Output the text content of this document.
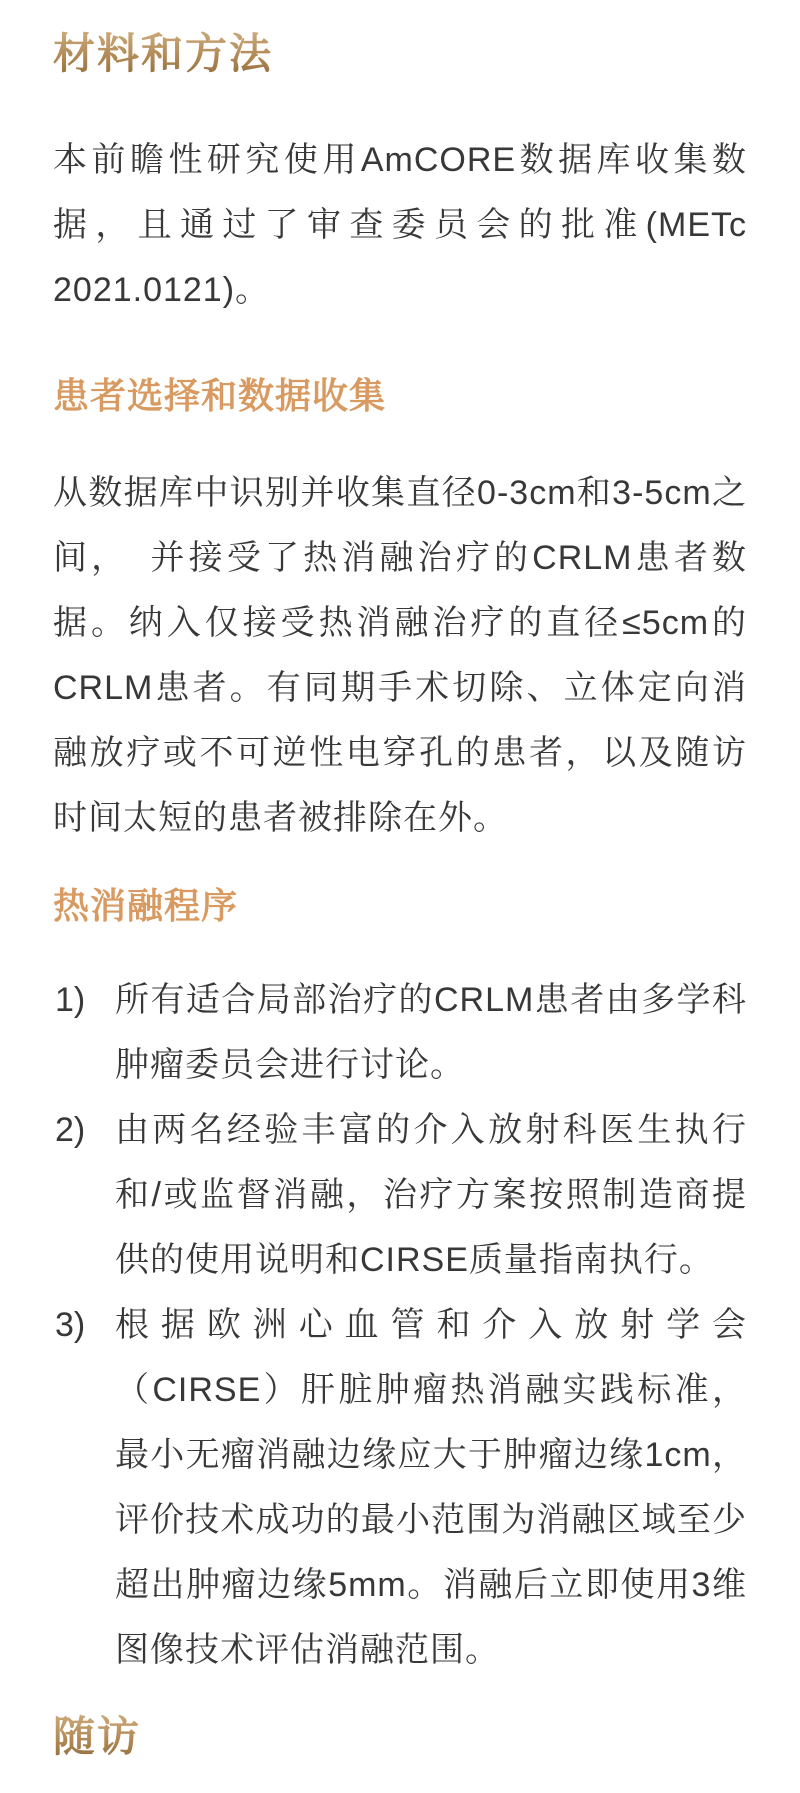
材料和方法

本前瞻性研究使用AmCORE数据库收集数据，且通过了审查委员会的批准(METc 2021.0121)。

患者选择和数据收集

从数据库中识别并收集直径0-3cm和3-5cm之间，　并接受了热消融治疗的CRLM患者数据。纳入仅接受热消融治疗的直径≤5cm的CRLM患者。有同期手术切除、立体定向消融放疗或不可逆性电穿孔的患者，以及随访时间太短的患者被排除在外。

热消融程序
1) 所有适合局部治疗的CRLM患者由多学科肿瘤委员会进行讨论。
2) 由两名经验丰富的介入放射科医生执行和/或监督消融，治疗方案按照制造商提供的使用说明和CIRSE质量指南执行。
3) 根据欧洲心血管和介入放射学会（CIRSE）肝脏肿瘤热消融实践标准，最小无瘤消融边缘应大于肿瘤边缘1cm，评价技术成功的最小范围为消融区域至少超出肿瘤边缘5mm。消融后立即使用3维图像技术评估消融范围。
随访
